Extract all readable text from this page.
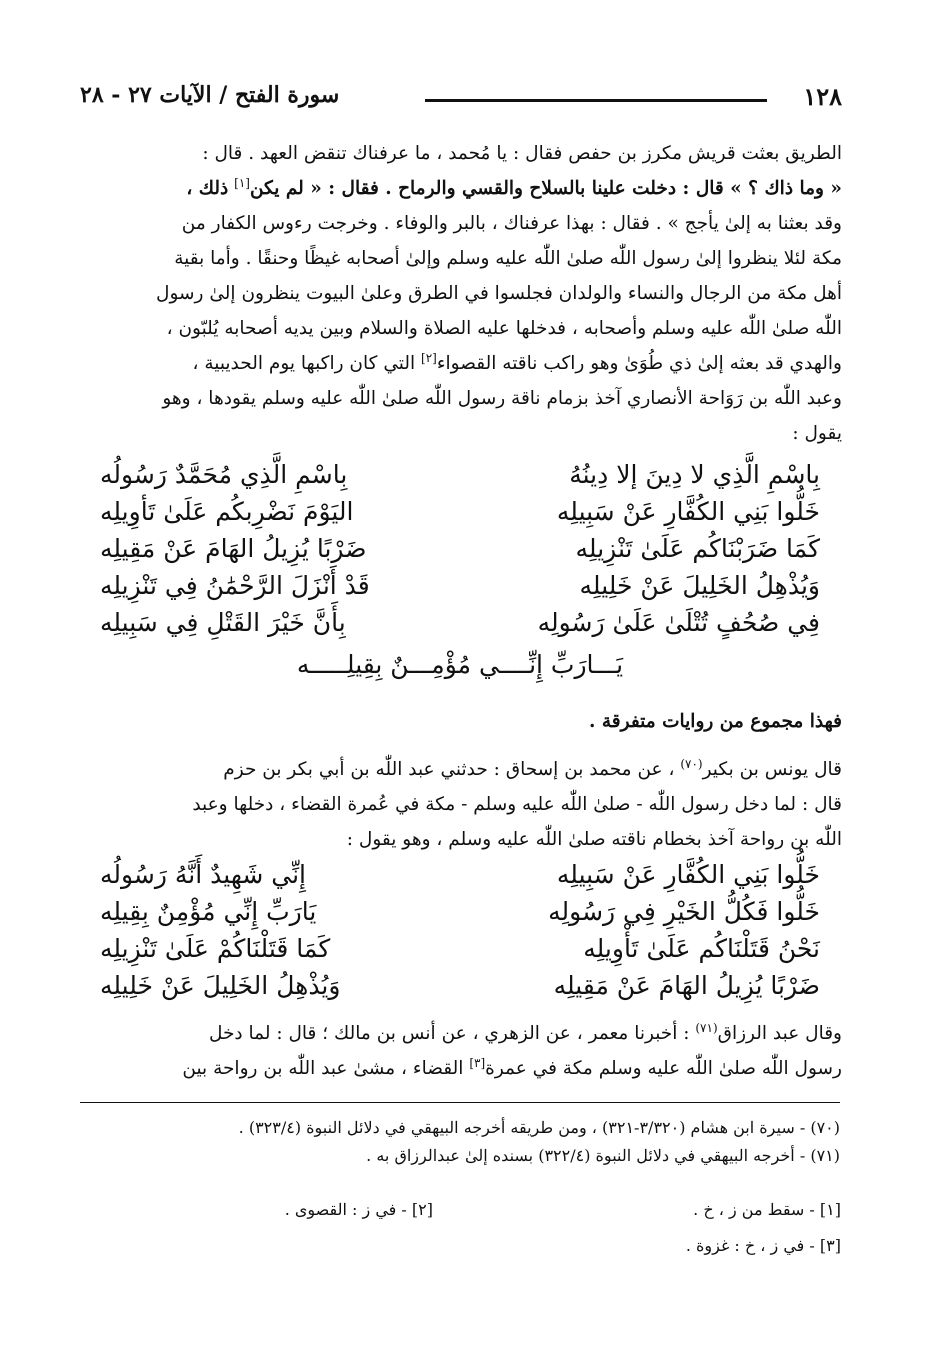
١٢٨
سورة الفتح / الآيات ٢٧ - ٢٨
الطريق بعثت قريش مكرز بن حفص فقال : يا مُحمد ، ما عرفناك تنقض العهد . قال :
« وما ذاك ؟ » قال : دخلت علينا بالسلاح والقسي والرماح . فقال : « لم يكن[١] ذلك ،
وقد بعثنا به إلىٰ يأجج » . فقال : بهذا عرفناك ، بالبر والوفاء . وخرجت رءوس الكفار من
مكة لئلا ينظروا إلىٰ رسول اللّٰه صلىٰ اللّٰه عليه وسلم وإلىٰ أصحابه غيظًا وحنقًا . وأما بقية
أهل مكة من الرجال والنساء والولدان فجلسوا في الطرق وعلىٰ البيوت ينظرون إلىٰ رسول
اللّٰه صلىٰ اللّٰه عليه وسلم وأصحابه ، فدخلها عليه الصلاة والسلام وبين يديه أصحابه يُلبّون ،
والهدي قد بعثه إلىٰ ذي طُوَىٰ وهو راكب ناقته القصواء[٢] التي كان راكبها يوم الحديبية ،
وعبد اللّٰه بن رَوَاحة الأنصاري آخذ بزمام ناقة رسول اللّٰه صلىٰ اللّٰه عليه وسلم يقودها ، وهو
يقول :
بِاسْمِ الَّذِي لا دِينَ إلا دِينُهُ
بِاسْمِ الَّذِي مُحَمَّدٌ رَسُولُه
خَلُّوا بَنِي الكُفَّارِ عَنْ سَبِيلِه
اليَوْمَ نَضْرِبكُم عَلَىٰ تَأوِيلِه
كَمَا ضَرَبْنَاكُم عَلَىٰ تَنْزِيلِه
ضَرْبًا يُزِيلُ الهَامَ عَنْ مَقِيلِه
وَيُذْهِلُ الخَلِيلَ عَنْ خَلِيلِه
قَدْ أَنْزَلَ الرَّحْمَٰنُ فِي تَنْزِيلِه
فِي صُحُفٍ تُتْلَىٰ عَلَىٰ رَسُولِه
بِأَنَّ خَيْرَ القَتْلِ فِي سَبِيلِه
يَـــارَبِّ إِنِّــــي مُؤْمِـــنٌ بِقِيلِـــــه
فهذا مجموع من روايات متفرقة .
قال يونس بن بكير$^{(٧٠)}$ ، عن محمد بن إسحاق : حدثني عبد اللّٰه بن أبي بكر بن حزم
قال : لما دخل رسول اللّٰه - صلىٰ اللّٰه عليه وسلم - مكة في عُمرة القضاء ، دخلها وعبد
اللّٰه بن رواحة آخذ بخطام ناقته صلىٰ اللّٰه عليه وسلم ، وهو يقول :
خَلُّوا بَنِي الكُفَّارِ عَنْ سَبِيلِه
إِنِّي شَهِيدٌ أَنَّهُ رَسُولُه
خَلُّوا فَكُلُّ الخَيْرِ فِي رَسُولِه
يَارَبِّ إِنِّي مُؤْمِنٌ بِقِيلِه
نَحْنُ قَتَلْنَاكُم عَلَىٰ تَأْوِيلِه
كَمَا قَتَلْنَاكُمْ عَلَىٰ تَنْزِيلِه
ضَرْبًا يُزِيلُ الهَامَ عَنْ مَقِيلِه
وَيُذْهِلُ الخَلِيلَ عَنْ خَلِيلِه
وقال عبد الرزاق$^{(٧١)}$ : أخبرنا معمر ، عن الزهري ، عن أنس بن مالك ؛ قال : لما دخل
رسول اللّٰه صلىٰ اللّٰه عليه وسلم مكة في عمرة[٣] القضاء ، مشىٰ عبد اللّٰه بن رواحة بين
(٧٠) - سيرة ابن هشام (٣/٣٢٠-٣٢١) ، ومن طريقه أخرجه البيهقي في دلائل النبوة (٣٢٣/٤) .
(٧١) - أخرجه البيهقي في دلائل النبوة (٣٢٢/٤) بسنده إلىٰ عبدالرزاق به .
[١] - سقط من ز ، خ .
[٢] - في ز : القصوى .
[٣] - في ز ، خ : غزوة .
